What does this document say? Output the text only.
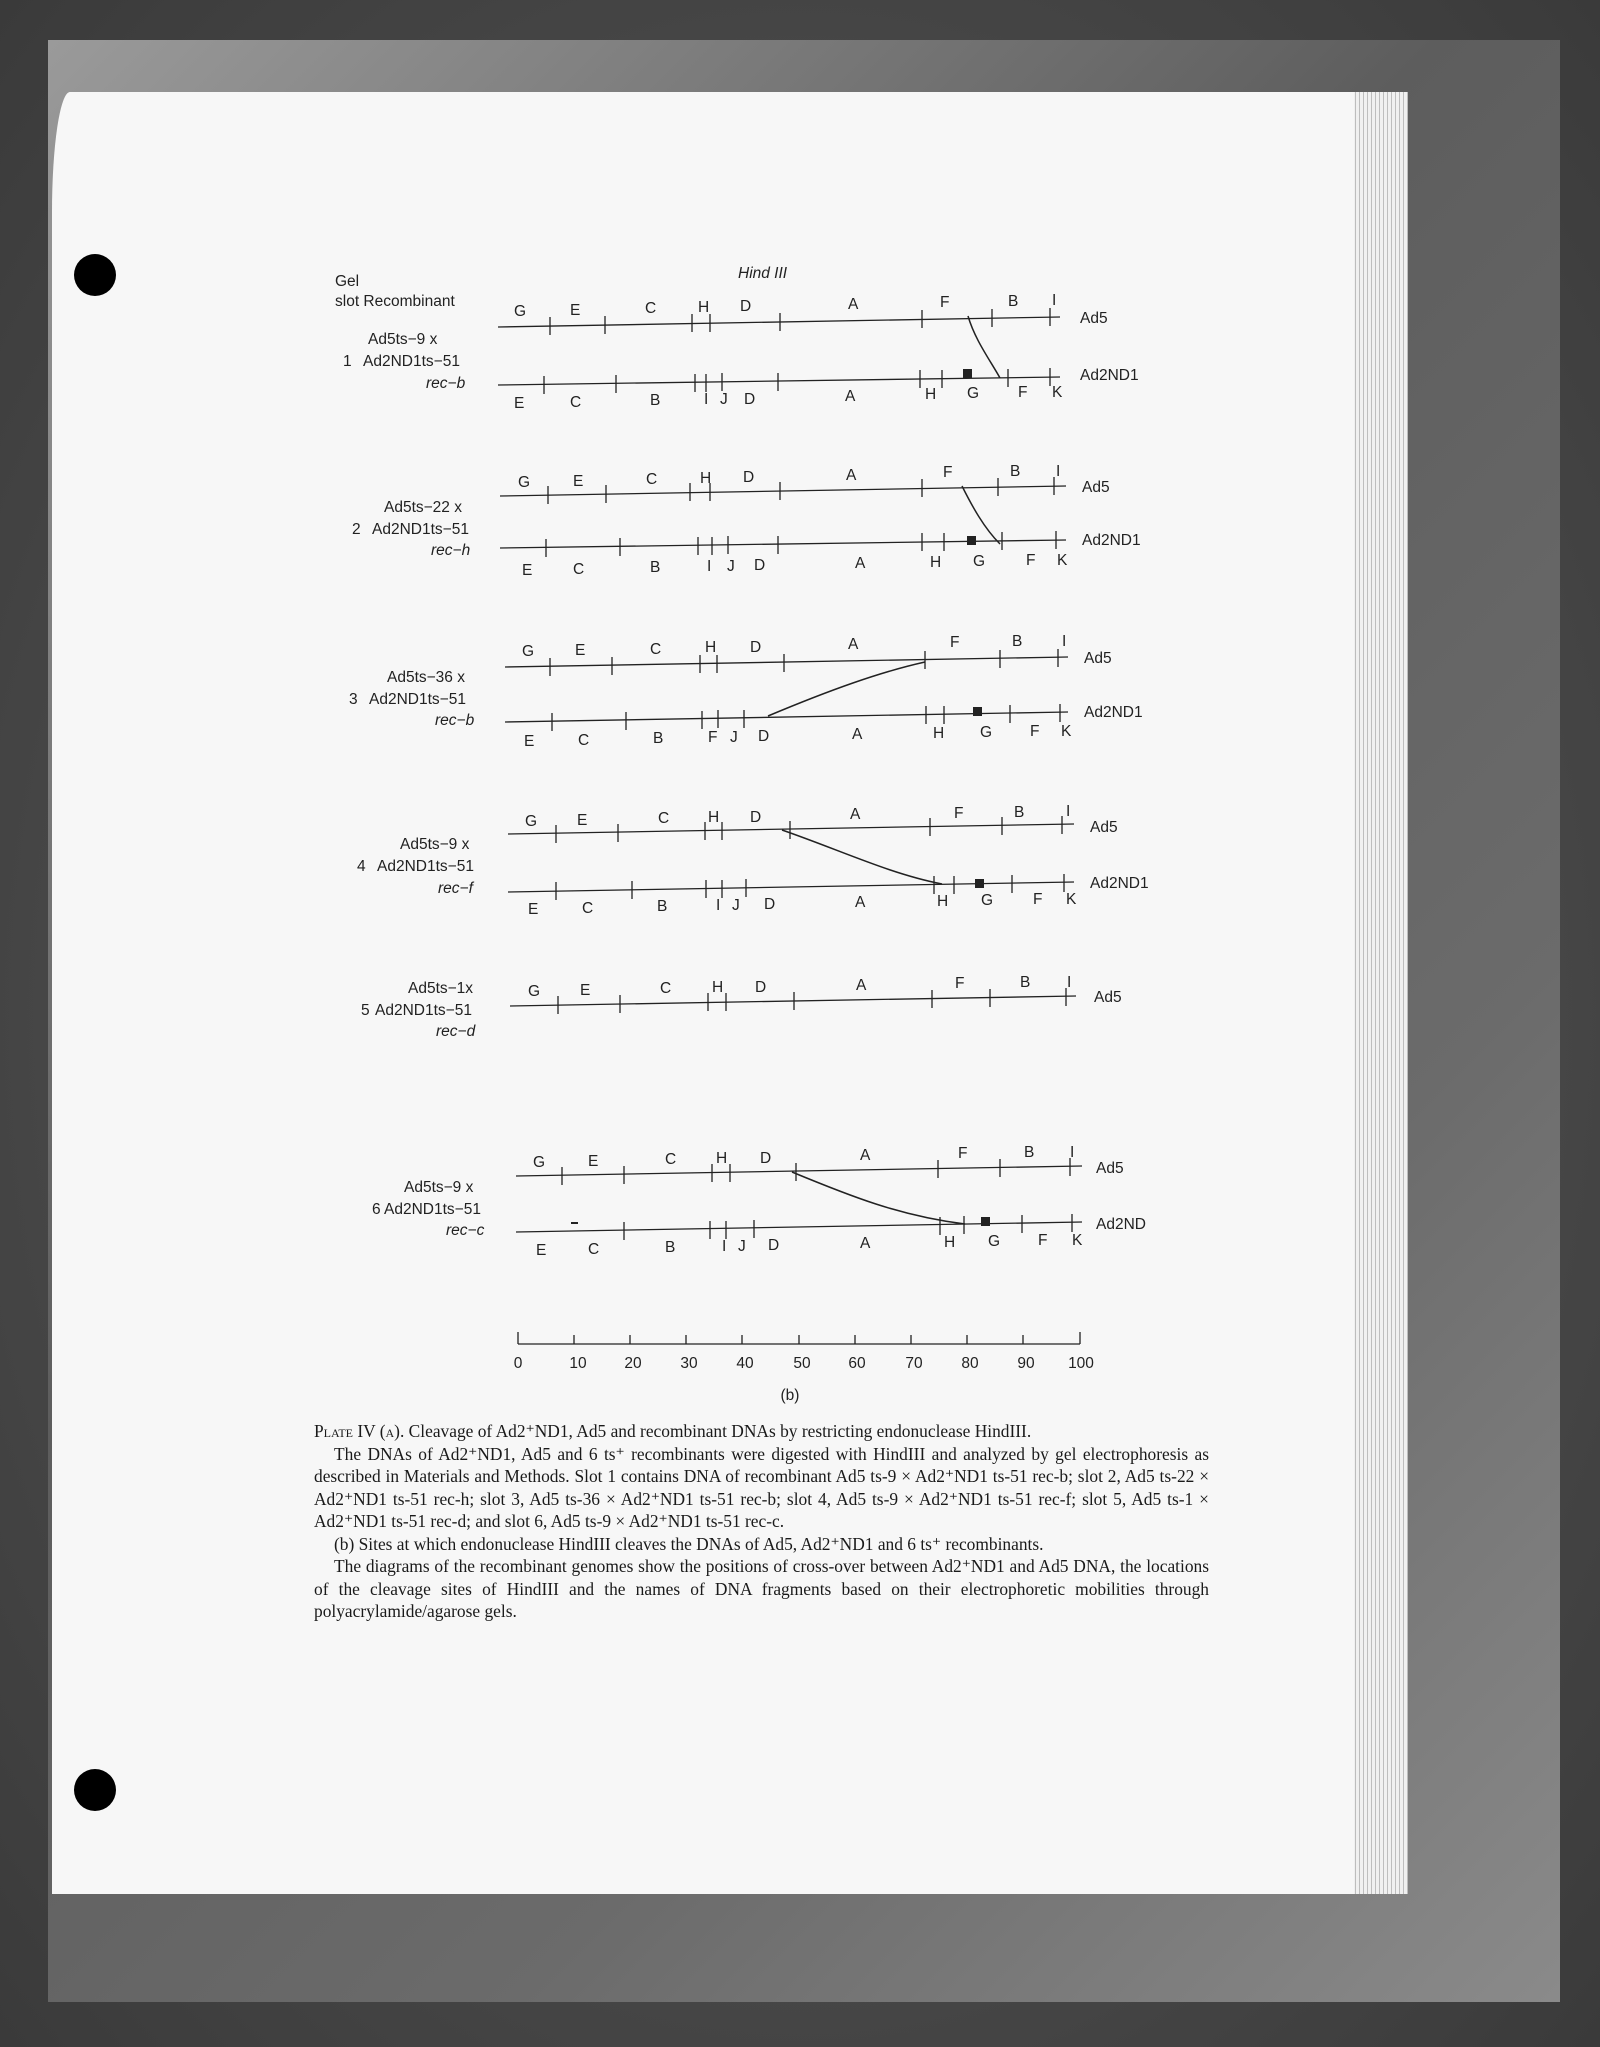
Hind III
Gel
slot Recombinant
Ad5ts−9 x
1 Ad2ND1ts−51
rec−b
G	E	C	H D	A	F	B I
Ad5
Ad2ND1
E	C	B	I J D	A	H G	F K
Ad5ts−22 x
2 Ad2ND1ts−51
rec−h
G	E	C	H D	A	F	B I
Ad5
Ad2ND1
E	C	B	I J D	A	H G	F K
Ad5ts−36 x
3 Ad2ND1ts−51
rec−b
G	E	C	H D	A	F	B	I
Ad5
Ad2ND1
E	C	B	F J D	A	H G F K
Ad5ts−9 x
4 Ad2ND1ts−51
rec−f
G	E	C	H D	A	F	B	I
Ad5
Ad2ND1
E	C	B	I J D	A	H G	F K
Ad5ts−1x
5 Ad2ND1ts−51
rec−d
G	E	C	H D	A	F	B I
Ad5
Ad5ts−9 x
6 Ad2ND1ts−51
rec−c
G	E	C	H D	A	F	B I
Ad5
Ad2ND
E	C	B	I J D	A	H G F K
0	10 20	30	40	50 60	70	80	90 100
(b)

Plate IV (a). Cleavage of Ad2⁺ND1, Ad5 and recombinant DNAs by restricting endonuclease HindIII.

The DNAs of Ad2⁺ND1, Ad5 and 6 ts⁺ recombinants were digested with HindIII and analyzed by gel electrophoresis as described in Materials and Methods. Slot 1 contains DNA of recombinant Ad5 ts-9 × Ad2⁺ND1 ts-51 rec-b; slot 2, Ad5 ts-22 × Ad2⁺ND1 ts-51 rec-h; slot 3, Ad5 ts-36 × Ad2⁺ND1 ts-51 rec-b; slot 4, Ad5 ts-9 × Ad2⁺ND1 ts-51 rec-f; slot 5, Ad5 ts-1 × Ad2⁺ND1 ts-51 rec-d; and slot 6, Ad5 ts-9 × Ad2⁺ND1 ts-51 rec-c.

(b) Sites at which endonuclease HindIII cleaves the DNAs of Ad5, Ad2⁺ND1 and 6 ts⁺ recombinants.

The diagrams of the recombinant genomes show the positions of cross-over between Ad2⁺ND1 and Ad5 DNA, the locations of the cleavage sites of HindIII and the names of DNA fragments based on their electrophoretic mobilities through polyacrylamide/agarose gels.
